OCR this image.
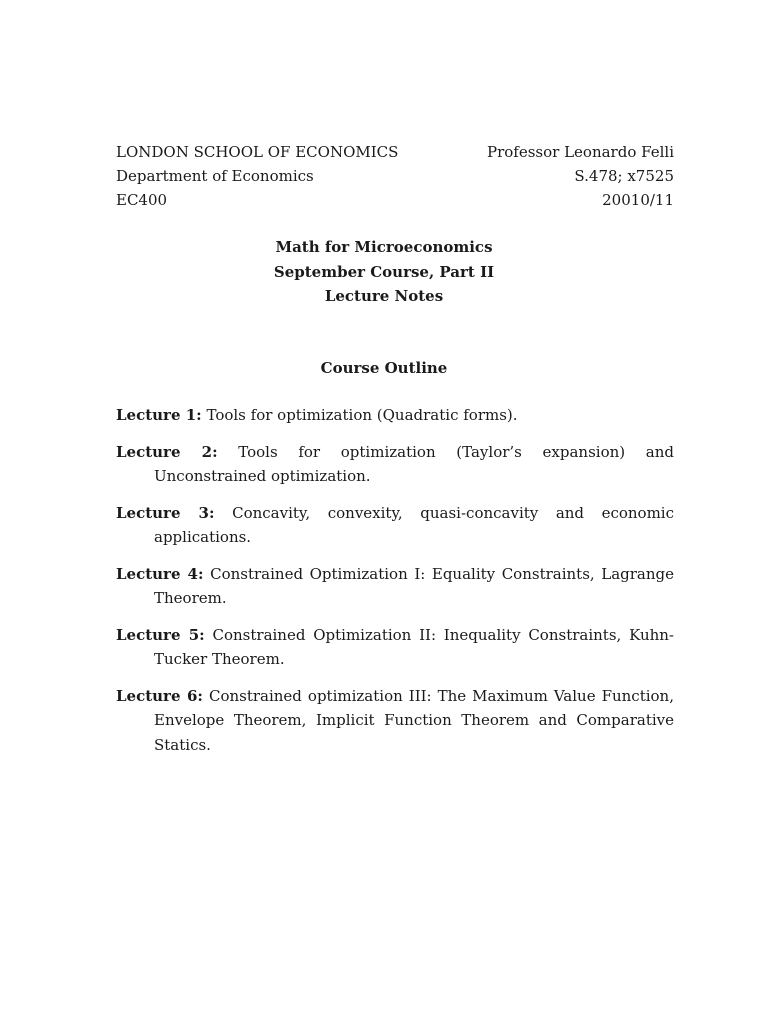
LONDON SCHOOL OF ECONOMICS	Professor Leonardo Felli
Department of Economics	S.478; x7525
EC400	20010/11
Math for Microeconomics
September Course, Part II
Lecture Notes
Course Outline

Lecture 1: Tools for optimization (Quadratic forms).

Lecture 2: Tools for optimization (Taylor’s expansion) and Unconstrained optimization.

Lecture 3: Concavity, convexity, quasi-concavity and economic applications.

Lecture 4: Constrained Optimization I: Equality Constraints, Lagrange Theorem.

Lecture 5: Constrained Optimization II: Inequality Constraints, Kuhn-Tucker Theorem.

Lecture 6: Constrained optimization III: The Maximum Value Function, Envelope Theorem, Implicit Function Theorem and Comparative Statics.
